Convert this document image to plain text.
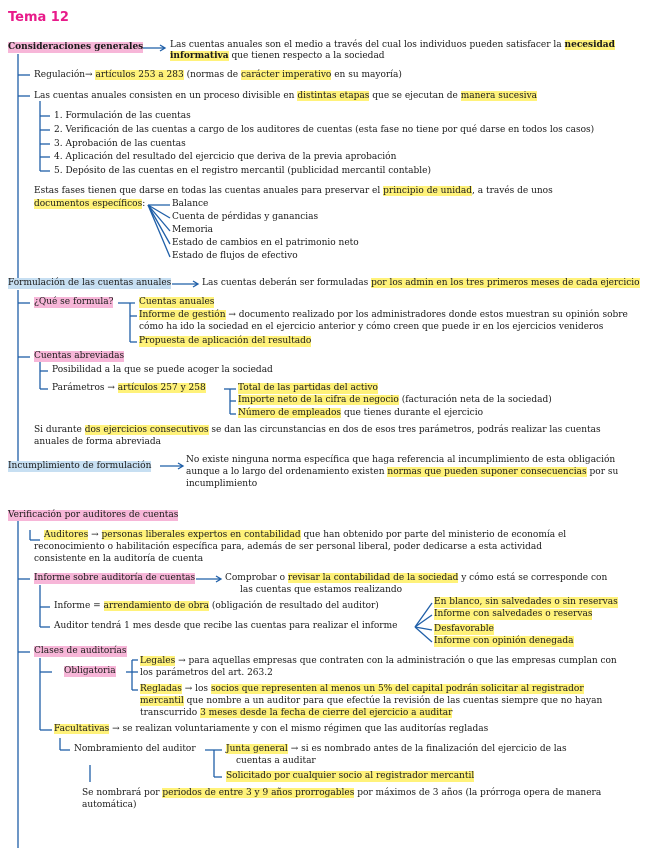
Tema 12
Consideraciones generales	Las cuentas anuales son el medio a través del cual los individuos pueden satisfacer la necesidad
informativa que tienen respecto a la sociedad
Regulación→ artículos 253 a 283 (normas de carácter imperativo en su mayoría)
Las cuentas anuales consisten en un proceso divisible en distintas etapas que se ejecutan de manera sucesiva
1. Formulación de las cuentas
2. Verificación de las cuentas a cargo de los auditores de cuentas (esta fase no tiene por qué darse en todos los casos)
3. Aprobación de las cuentas
4. Aplicación del resultado del ejercicio que deriva de la previa aprobación
5. Depósito de las cuentas en el registro mercantil (publicidad mercantil contable)
Estas fases tienen que darse en todas las cuentas anuales para preservar el principio de unidad, a través de unos
documentos específicos:	Balance
Cuenta de pérdidas y ganancias
Memoria
Estado de cambios en el patrimonio neto
Estado de flujos de efectivo
Formulación de las cuentas anuales	Las cuentas deberán ser formuladas por los admin en los tres primeros meses de cada ejercicio
¿Qué se formula?	Cuentas anuales
Informe de gestión → documento realizado por los administradores donde estos muestran su opinión sobre
cómo ha ido la sociedad en el ejercicio anterior y cómo creen que puede ir en los ejercicios venideros
Propuesta de aplicación del resultado
Cuentas abreviadas
Posibilidad a la que se puede acoger la sociedad
Parámetros → artículos 257 y 258	Total de las partidas del activo
Importe neto de la cifra de negocio (facturación neta de la sociedad)
Número de empleados que tienes durante el ejercicio
Si durante dos ejercicios consecutivos se dan las circunstancias en dos de esos tres parámetros, podrás realizar las cuentas
anuales de forma abreviada
Incumplimiento de formulación
No existe ninguna norma específica que haga referencia al incumplimiento de esta obligación
aunque a lo largo del ordenamiento existen normas que pueden suponer consecuencias por su
incumplimiento
Verificación por auditores de cuentas
Auditores → personas liberales expertos en contabilidad que han obtenido por parte del ministerio de economía el
reconocimiento o habilitación específica para, además de ser personal liberal, poder dedicarse a esta actividad
consistente en la auditoría de cuenta
Informe sobre auditoría de cuentas	Comprobar o revisar la contabilidad de la sociedad y cómo está se corresponde con
las cuentas que estamos realizando
Informe = arrendamiento de obra (obligación de resultado del auditor)
Auditor tendrá 1 mes desde que recibe las cuentas para realizar el informe
En blanco, sin salvedades o sin reservas
Informe con salvedades o reservas
Desfavorable
Informe con opinión denegada
Clases de auditorías
Obligatoria
Legales → para aquellas empresas que contraten con la administración o que las empresas cumplan con
los parámetros del art. 263.2
Regladas → los socios que representen al menos un 5% del capital podrán solicitar al registrador
mercantil que nombre a un auditor para que efectúe la revisión de las cuentas siempre que no hayan
transcurrido 3 meses desde la fecha de cierre del ejercicio a auditar
Facultativas → se realizan voluntariamente y con el mismo régimen que las auditorías regladas
Nombramiento del auditor	Junta general → si es nombrado antes de la finalización del ejercicio de las
cuentas a auditar
Solicitado por cualquier socio al registrador mercantil
Se nombrará por periodos de entre 3 y 9 años prorrogables por máximos de 3 años (la prórroga opera de manera
automática)
